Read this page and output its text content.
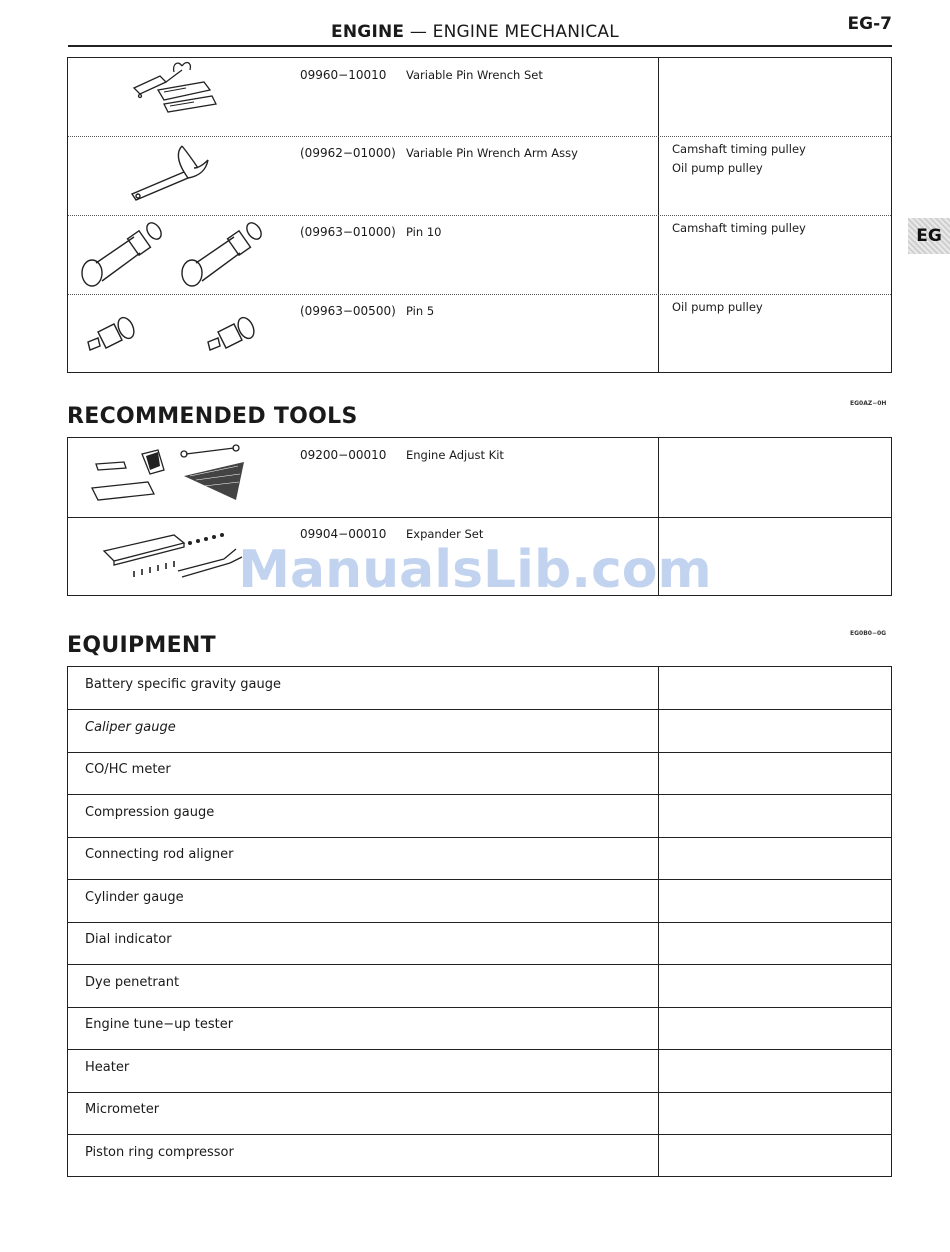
ENGINE — ENGINE MECHANICAL	EG-7
EG
09960−10010 Variable Pin Wrench Set
(09962−01000) Variable Pin Wrench Arm Assy	Camshaft timing pulley
Oil pump pulley
(09963−01000) Pin 10	Camshaft timing pulley
(09963−00500) Pin 5	Oil pump pulley
RECOMMENDED TOOLS
EG0AZ−0H
09200−00010 Engine Adjust Kit
09904−00010 Expander Set
EQUIPMENT	EG0B0−0G
Battery specific gravity gauge
Caliper gauge
CO/HC meter
Compression gauge
Connecting rod aligner
Cylinder gauge
Dial indicator
Dye penetrant
Engine tune−up tester
Heater
Micrometer
Piston ring compressor
ManualsLib.com
